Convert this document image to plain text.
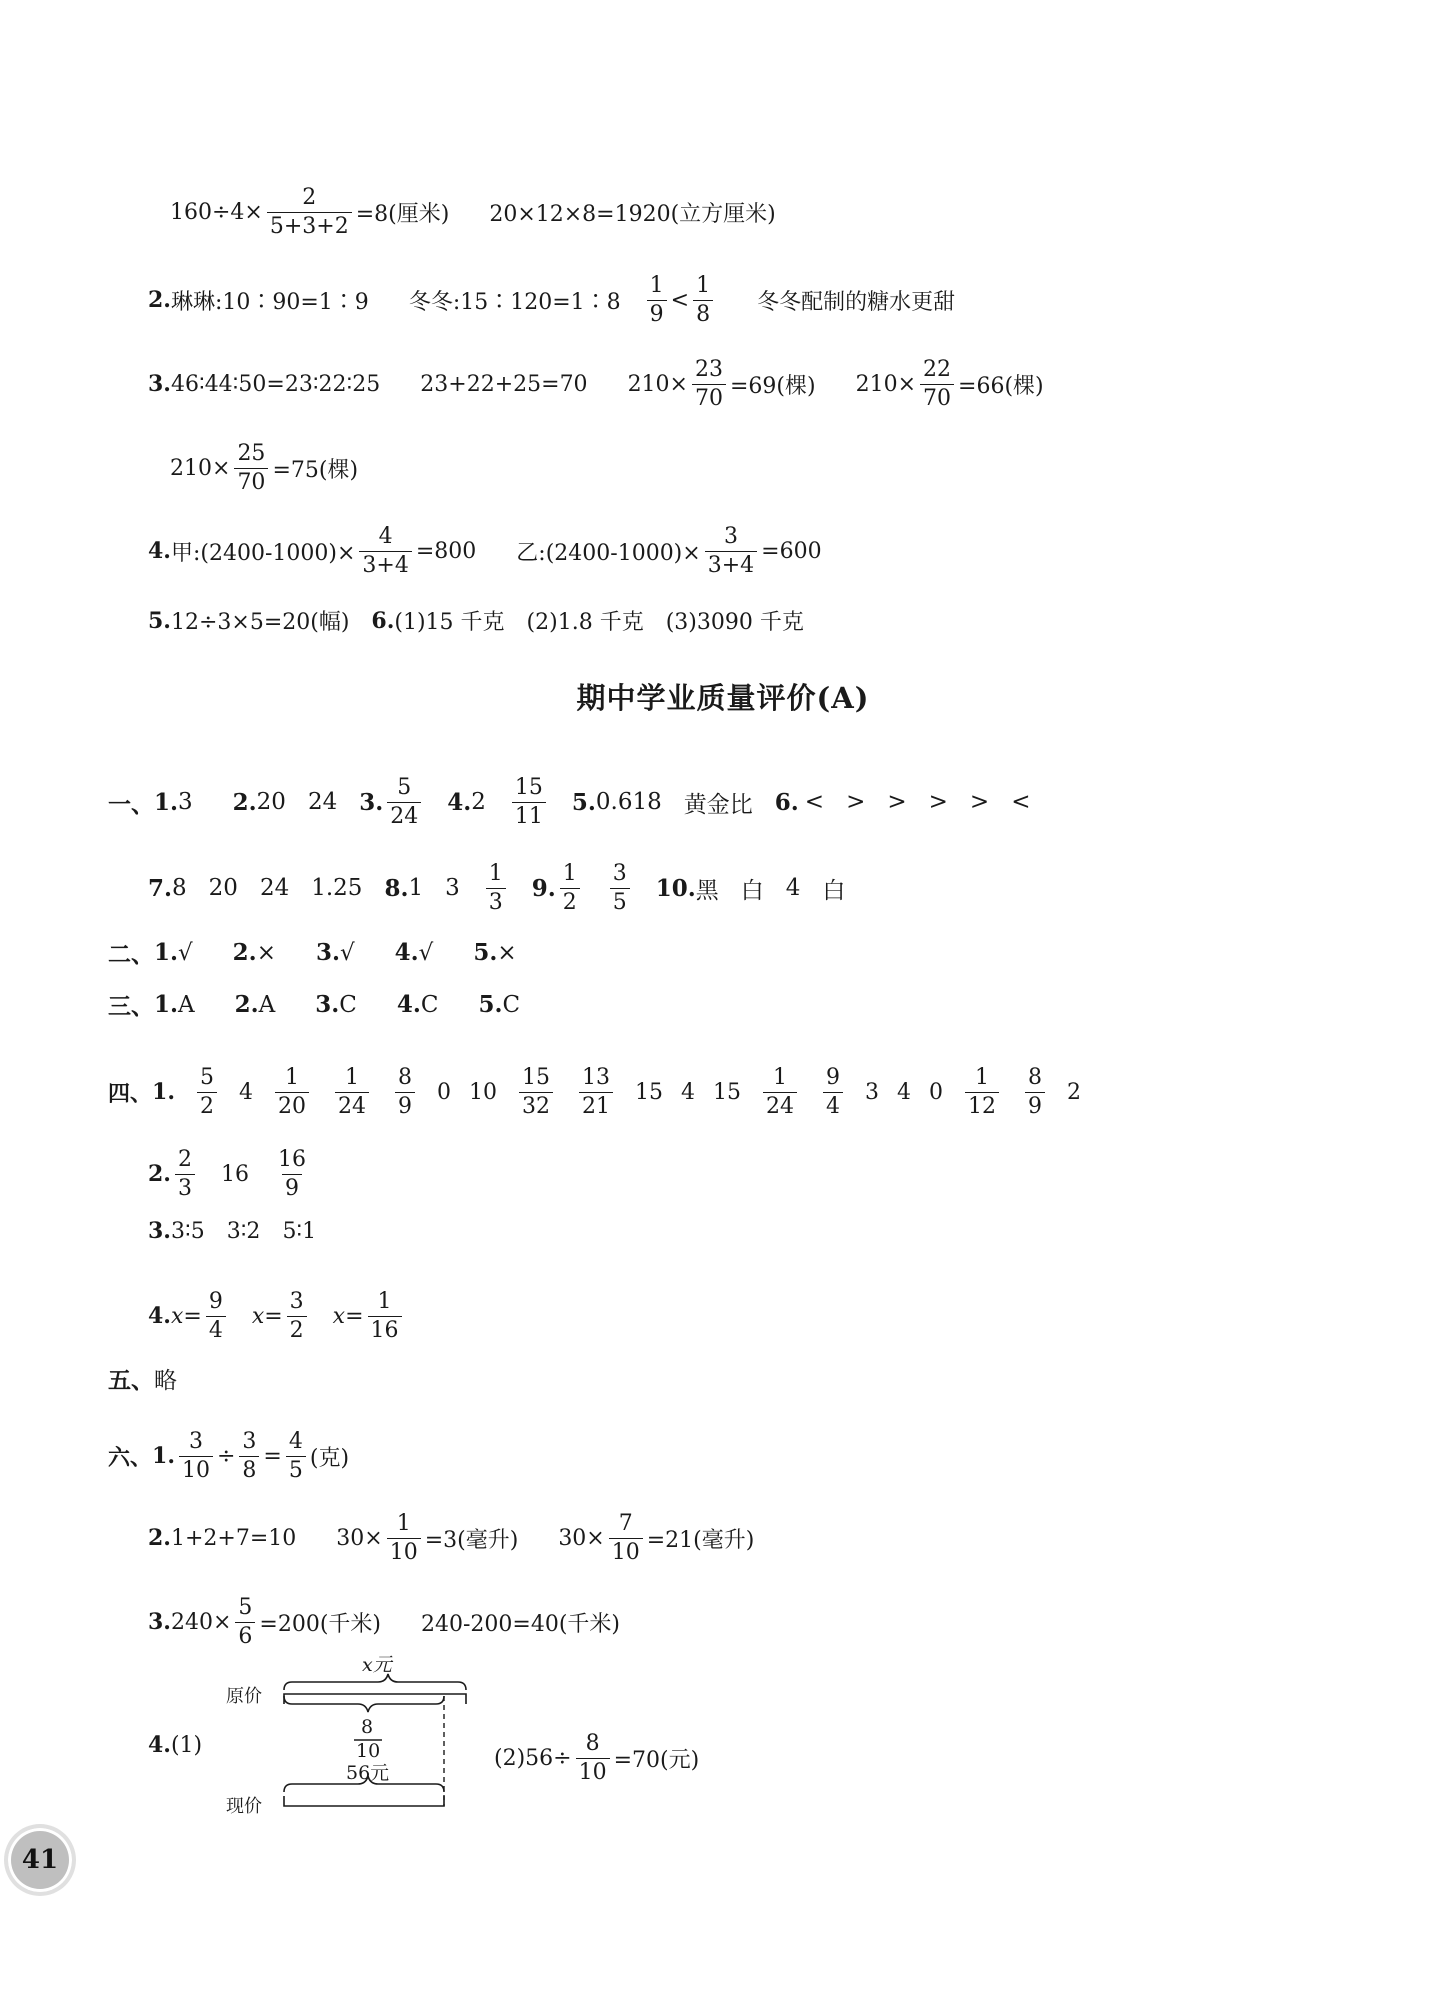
$160\div 4\times \frac{2}{5+3+2} =8$(厘米) 20×12×8=1920(立方厘米)
2. 琳琳:10∶90=1∶9 冬冬:15∶120=1∶8 $\frac{1}{9} < \frac{1}{8}$ 冬冬配制的糖水更甜
3. 46∶44∶50=23∶22∶25 23+22+25=70 $210\times \frac{23}{70} =69$(棵) $210\times \frac{22}{70} =66$(棵)
$210\times \frac{25}{70} =75$(棵)
4. 甲:(2400-1000)× $\frac{4}{3+4} =800$ 乙:(2400-1000)× $\frac{3}{3+4} =600$
5. 12÷3×5=20(幅) 6. (1)15 千克 (2)1.8 千克 (3)3090 千克
期中学业质量评价(A)
一、 1. 3 2. 20 24 3. $\frac{5}{24} 4$. $2 \frac{15}{11} 5$. 0.618 黄金比 6. < > > > > <
7. 8 20 24 1.25 8. 1 $3 \frac{1}{3} 9$. $\frac{1}{2} \frac{3}{5} 10$. 黑 白 4 白
二、 1. √ 2. × 3. √ 4. √ 5. ×
三、 1. A 2. A 3. C 4. C 5. C
四、 1. $\frac{5}{2} 4 \frac{1}{20} \frac{1}{24} \frac{8}{9} 0$ $10 \frac{15}{32} \frac{13}{21} 15$ 4 $15 \frac{1}{24} \frac{9}{4} 3$ 4 $0 \frac{1}{12} \frac{8}{9} 2$
2. $\frac{2}{3} 16 \frac{16}{9}$
3. 3∶5 3∶2 5∶1
4. $x= \frac{9}{4} x= \frac{3}{2} x= \frac{1}{16}$
五、 略
六、 1. $\frac{3}{10} \div \frac{3}{8} = \frac{4}{5}$ (克)
2. 1+2+7=10 $30\times \frac{1}{10} =3$(毫升) $30\times \frac{7}{10} =21$(毫升)
3. $240\times \frac{5}{6} =200$(千米) 240-200=40(千米)
4. (1)
$(2)56\div \frac{8}{10} =70$(元)
x元
原价
8
10
56元
现价
41
